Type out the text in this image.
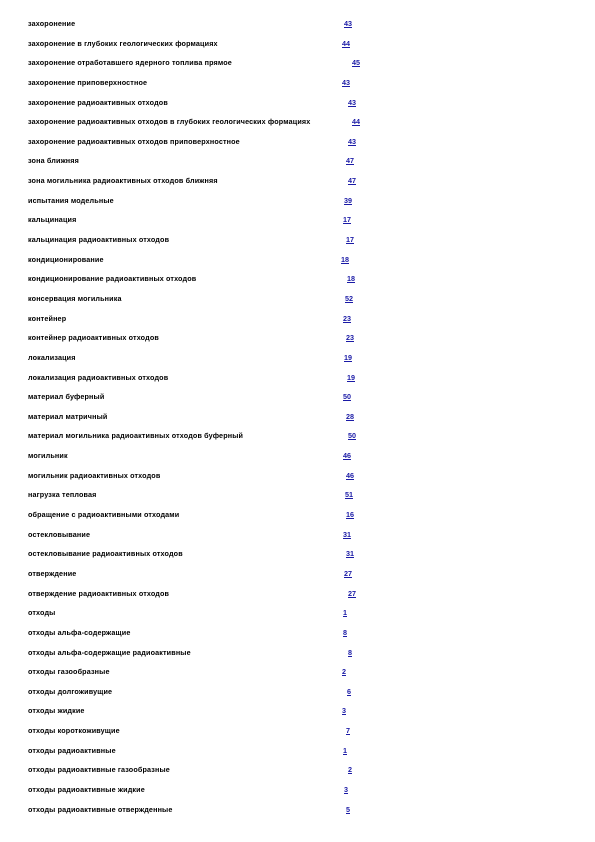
захоронение	43
захоронение в глубоких геологических формациях	44
захоронение отработавшего ядерного топлива прямое	45
захоронение приповерхностное	43
захоронение радиоактивных отходов	43
захоронение радиоактивных отходов в глубоких геологических формациях	44
захоронение радиоактивных отходов приповерхностное	43
зона ближняя	47
зона могильника радиоактивных отходов ближняя	47
испытания модельные	39
кальцинация	17
кальцинация радиоактивных отходов	17
кондиционирование	18
кондиционирование радиоактивных отходов	18
консервация могильника	52
контейнер	23
контейнер радиоактивных отходов	23
локализация	19
локализация радиоактивных отходов	19
материал буферный	50
материал матричный	28
материал могильника радиоактивных отходов буферный	50
могильник	46
могильник радиоактивных отходов	46
нагрузка тепловая	51
обращение с радиоактивными отходами	16
остекловывание	31
остекловывание радиоактивных отходов	31
отверждение	27
отверждение радиоактивных отходов	27
отходы	1
отходы альфа-содержащие	8
отходы альфа-содержащие радиоактивные	8
отходы газообразные	2
отходы долгоживущие	6
отходы жидкие	3
отходы короткоживущие	7
отходы радиоактивные	1
отходы радиоактивные газообразные	2
отходы радиоактивные жидкие	3
отходы радиоактивные отвержденные	5
